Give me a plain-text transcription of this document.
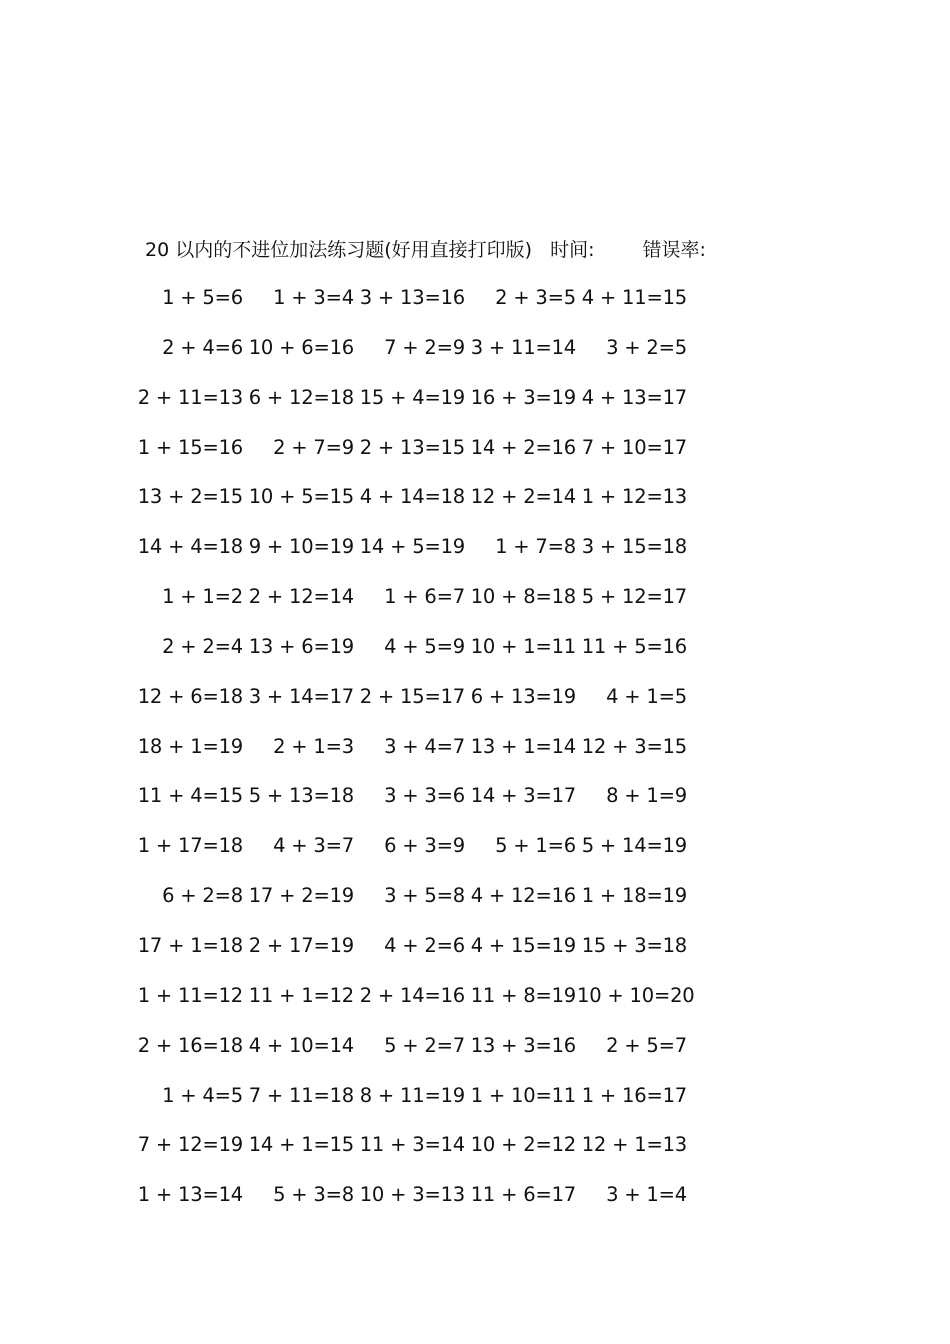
20 以内的不进位加法练习题(好用直接打印版) 时间:	错误率:
1 + 5=6	1 + 3=4 3 + 13=16	2 + 3=5 4 + 11=15
2 + 4=6 10 + 6=16	7 + 2=9 3 + 11=14	3 + 2=5
2 + 11=13 6 + 12=18 15 + 4=19 16 + 3=19 4 + 13=17
1 + 15=16	2 + 7=9 2 + 13=15 14 + 2=16 7 + 10=17
13 + 2=15 10 + 5=15 4 + 14=18 12 + 2=14 1 + 12=13
14 + 4=18 9 + 10=19 14 + 5=19	1 + 7=8 3 + 15=18
1 + 1=2 2 + 12=14	1 + 6=7 10 + 8=18 5 + 12=17
2 + 2=4 13 + 6=19	4 + 5=9 10 + 1=11 11 + 5=16
12 + 6=18 3 + 14=17 2 + 15=17 6 + 13=19	4 + 1=5
18 + 1=19	2 + 1=3	3 + 4=7 13 + 1=14 12 + 3=15
11 + 4=15 5 + 13=18	3 + 3=6 14 + 3=17	8 + 1=9
1 + 17=18	4 + 3=7	6 + 3=9	5 + 1=6 5 + 14=19
6 + 2=8 17 + 2=19	3 + 5=8 4 + 12=16 1 + 18=19
17 + 1=18 2 + 17=19	4 + 2=6 4 + 15=19 15 + 3=18
1 + 11=12 11 + 1=12 2 + 14=16 11 + 8=19 10 + 10=20
2 + 16=18 4 + 10=14	5 + 2=7 13 + 3=16	2 + 5=7
1 + 4=5 7 + 11=18 8 + 11=19 1 + 10=11 1 + 16=17
7 + 12=19 14 + 1=15 11 + 3=14 10 + 2=12 12 + 1=13
1 + 13=14	5 + 3=8 10 + 3=13 11 + 6=17	3 + 1=4
